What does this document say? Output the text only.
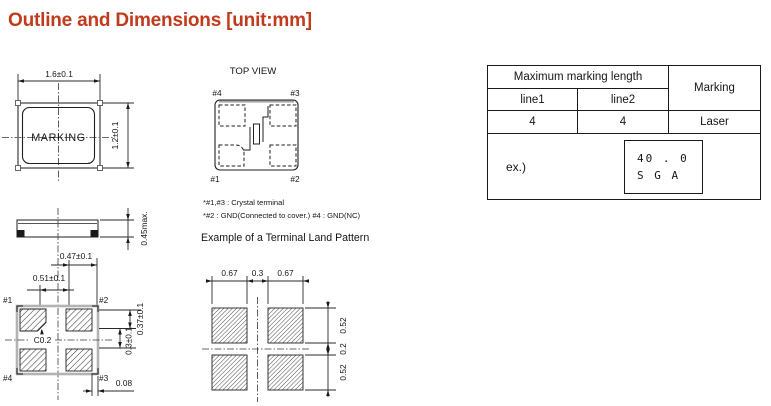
Outline and Dimensions [unit:mm]
1.6±0.1
1.2±0.1
MARKING
TOP VIEW
#4	#3
#1	#2
*#1,#3 : Crystal terminal
*#2 : GND(Connected to cover.) #4 : GND(NC)
Example of a Terminal Land Pattern
0.45max.
0.47±0.1
0.51±0.1
#1	#2
#4	#3
C0.2
0.37±0.1
0.3±0.1
0.08
0.67 0.3 0.67
0.52
0.2
0.52
Maximum marking length
Marking
line1	line2
4	4	Laser
ex.)
40 . 0
S G A
